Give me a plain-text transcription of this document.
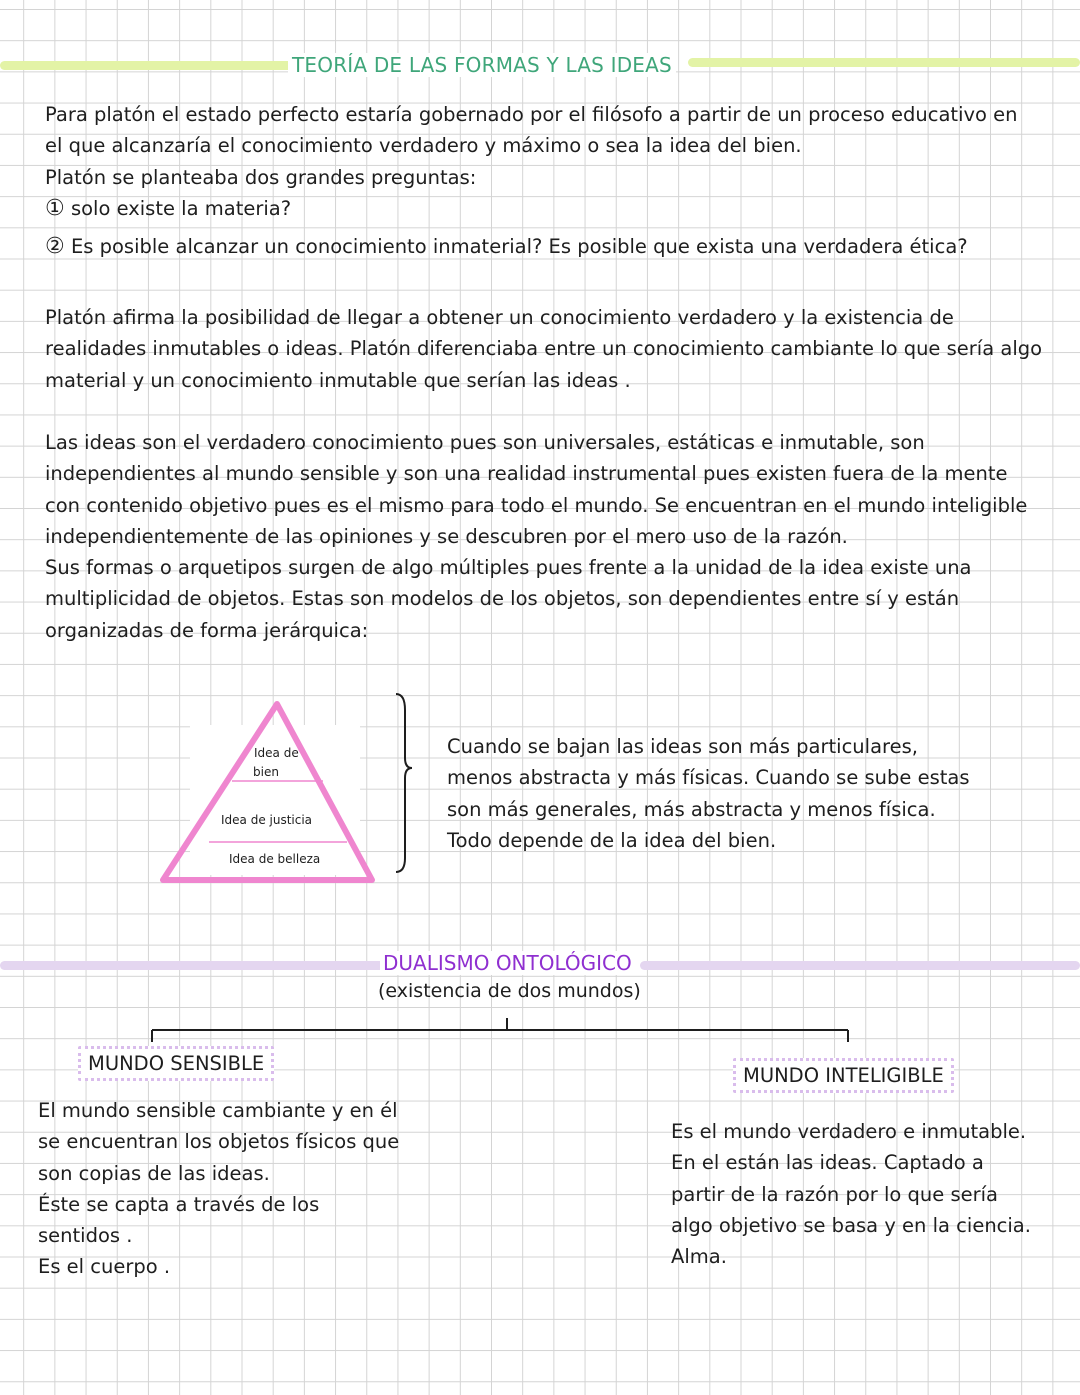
TEORÍA DE LAS FORMAS Y LAS IDEAS
Para platón el estado perfecto estaría gobernado por el filósofo a partir de un proceso educativo en
el que alcanzaría el conocimiento verdadero y máximo o sea la idea del bien.
Platón se planteaba dos grandes preguntas:
① solo existe la materia?
② Es posible alcanzar un conocimiento inmaterial? Es posible que exista una verdadera ética?
Platón afirma la posibilidad de llegar a obtener un conocimiento verdadero y la existencia de
realidades inmutables o ideas. Platón diferenciaba entre un conocimiento cambiante lo que sería algo
material y un conocimiento inmutable que serían las ideas .
Las ideas son el verdadero conocimiento pues son universales, estáticas e inmutable, son
independientes al mundo sensible y son una realidad instrumental pues existen fuera de la mente
con contenido objetivo pues es el mismo para todo el mundo. Se encuentran en el mundo inteligible
independientemente de las opiniones y se descubren por el mero uso de la razón.
Sus formas o arquetipos surgen de algo múltiples pues frente a la unidad de la idea existe una
multiplicidad de objetos. Estas son modelos de los objetos, son dependientes entre sí y están
organizadas de forma jerárquica:
Idea de
bien
Idea de justicia
Idea de belleza
Cuando se bajan las ideas son más particulares,
menos abstracta y más físicas. Cuando se sube estas
son más generales, más abstracta y menos física.
Todo depende de la idea del bien.
DUALISMO ONTOLÓGICO
(existencia de dos mundos)
MUNDO SENSIBLE
El mundo sensible cambiante y en él
se encuentran los objetos físicos que
son copias de las ideas.
Éste se capta a través de los
sentidos .
Es el cuerpo .
MUNDO INTELIGIBLE
Es el mundo verdadero e inmutable.
En el están las ideas. Captado a
partir de la razón por lo que sería
algo objetivo se basa y en la ciencia.
Alma.
